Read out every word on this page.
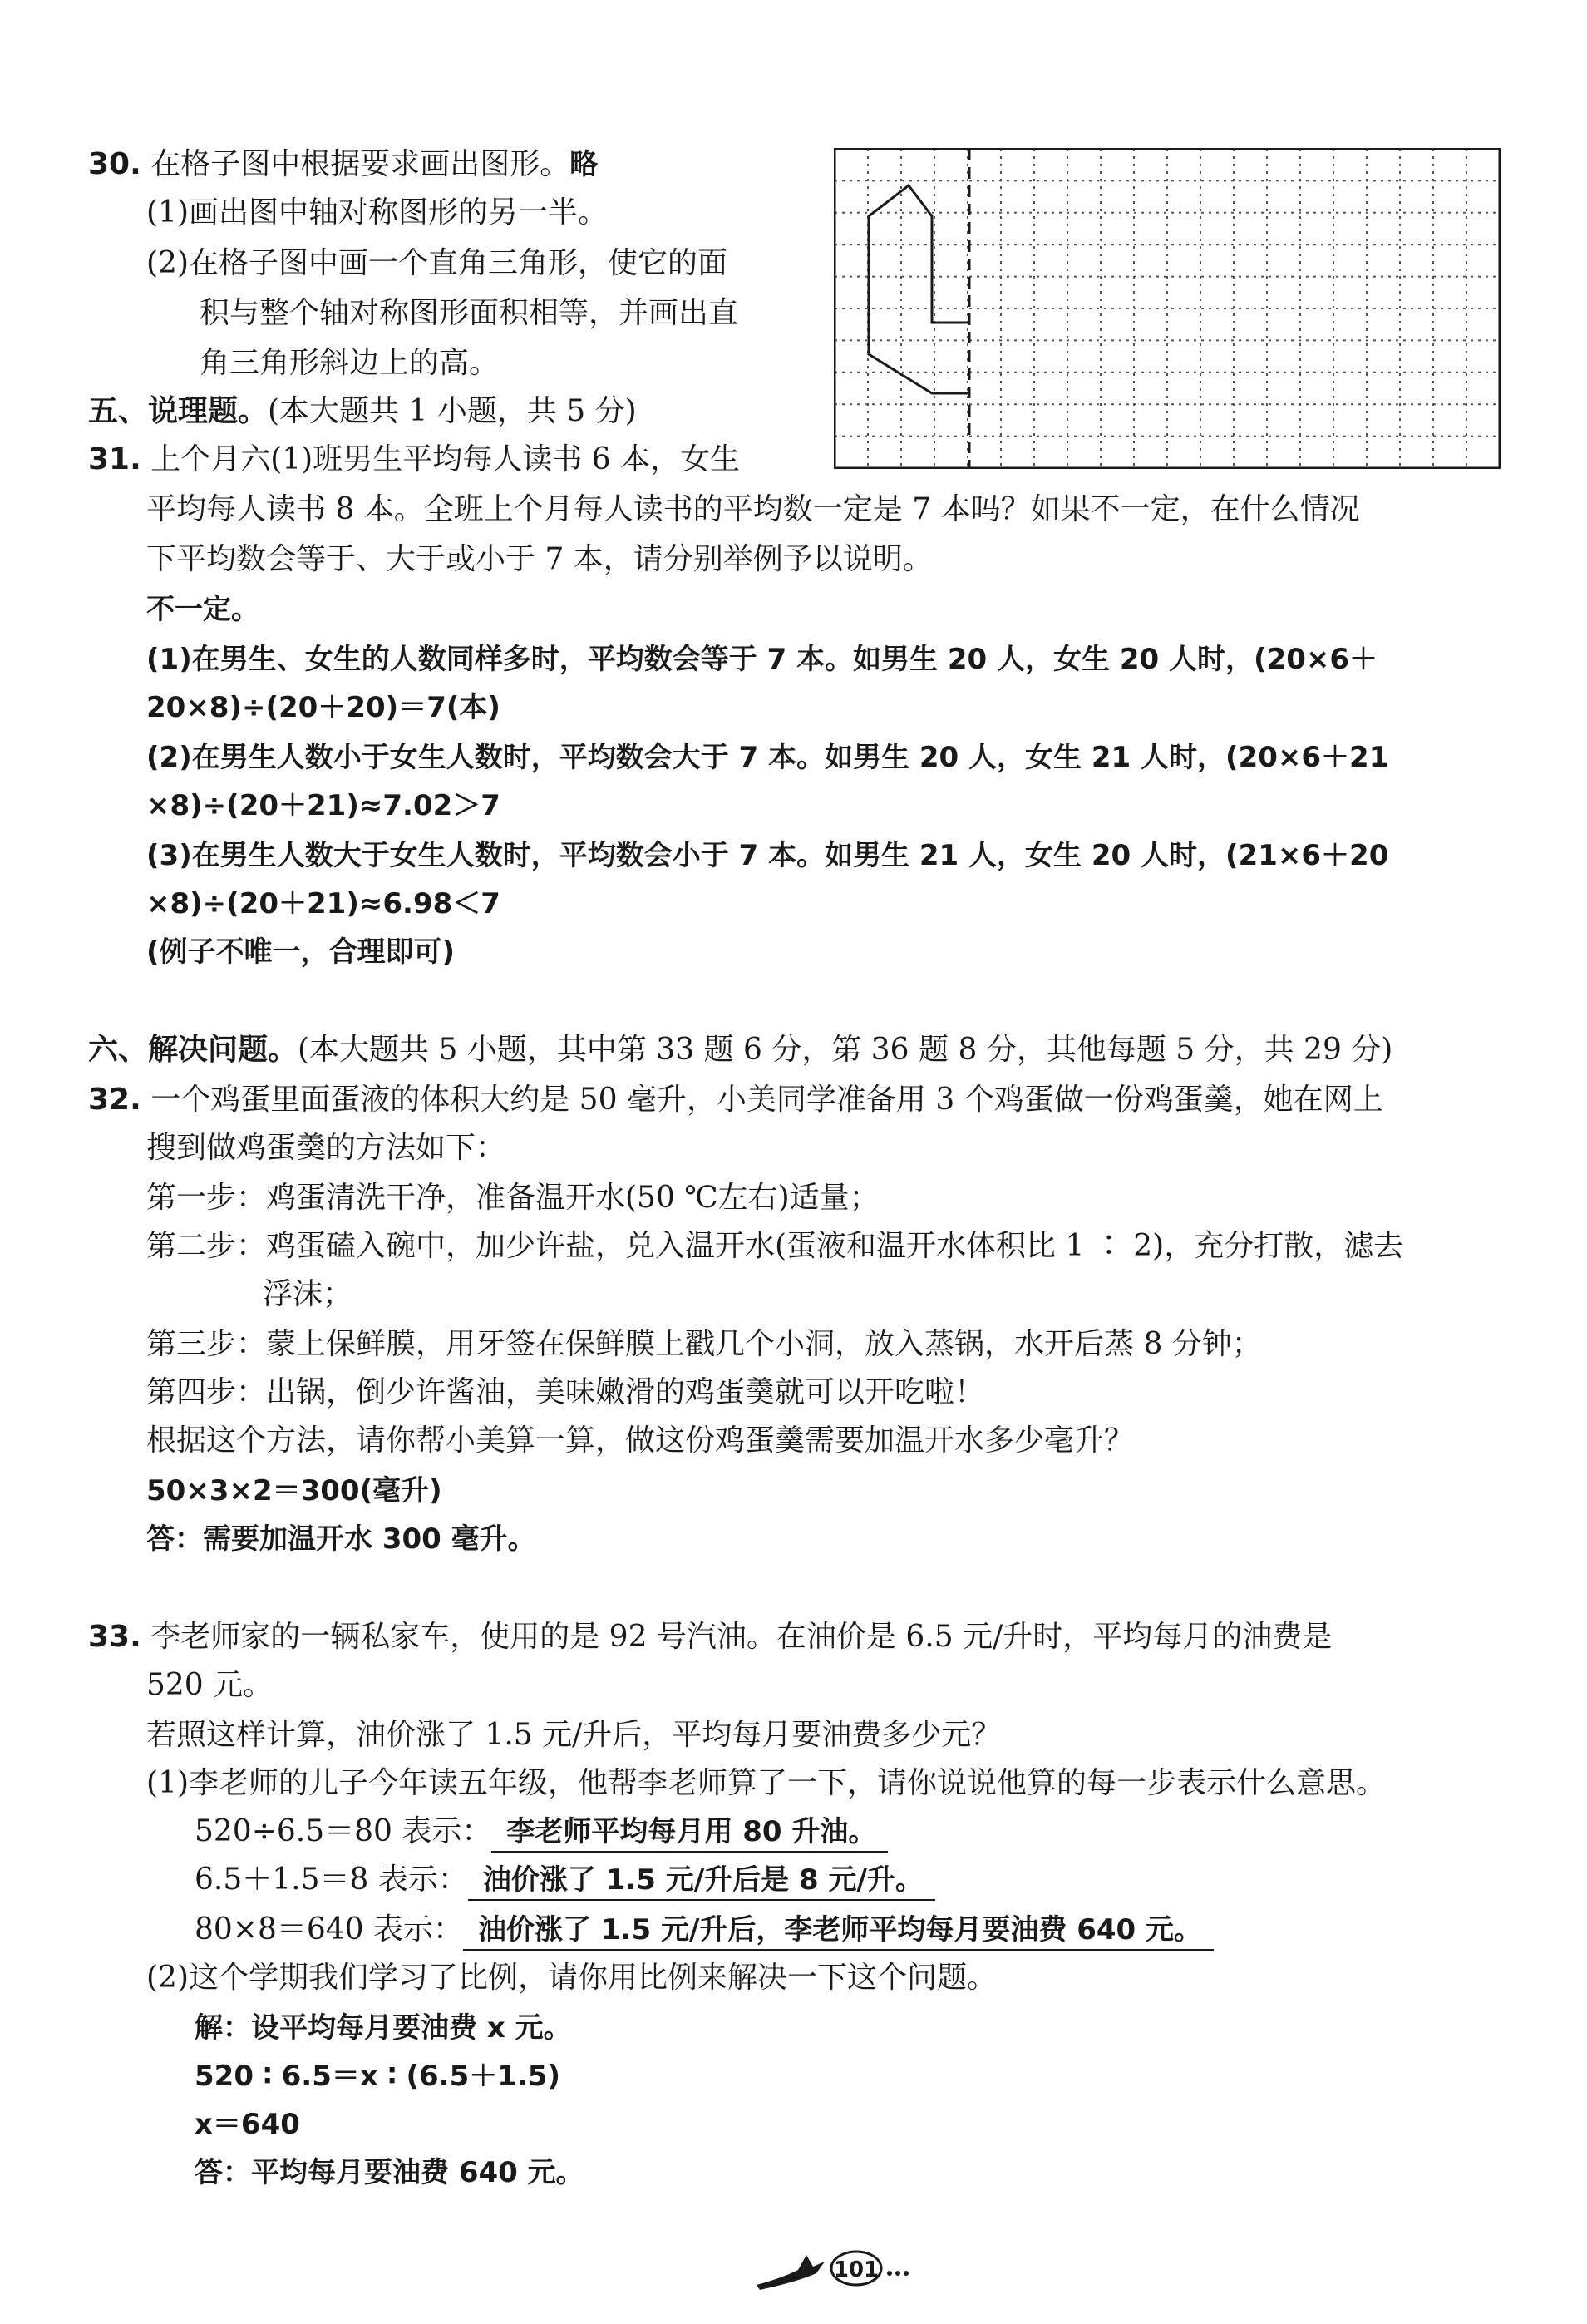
30. 在格子图中根据要求画出图形。略
(1)画出图中轴对称图形的另一半。
(2)在格子图中画一个直角三角形，使它的面
积与整个轴对称图形面积相等，并画出直
角三角形斜边上的高。
五、说理题。(本大题共 1 小题，共 5 分)
31. 上个月六(1)班男生平均每人读书 6 本，女生
平均每人读书 8 本。全班上个月每人读书的平均数一定是 7 本吗？如果不一定，在什么情况
下平均数会等于、大于或小于 7 本，请分别举例予以说明。
不一定。
(1)在男生、女生的人数同样多时，平均数会等于 7 本。如男生 20 人，女生 20 人时，(20×6＋
20×8)÷(20＋20)＝7(本)
(2)在男生人数小于女生人数时，平均数会大于 7 本。如男生 20 人，女生 21 人时，(20×6＋21
×8)÷(20＋21)≈7.02＞7
(3)在男生人数大于女生人数时，平均数会小于 7 本。如男生 21 人，女生 20 人时，(21×6＋20
×8)÷(20＋21)≈6.98＜7
(例子不唯一，合理即可)
六、解决问题。(本大题共 5 小题，其中第 33 题 6 分，第 36 题 8 分，其他每题 5 分，共 29 分)
32. 一个鸡蛋里面蛋液的体积大约是 50 毫升，小美同学准备用 3 个鸡蛋做一份鸡蛋羹，她在网上
搜到做鸡蛋羹的方法如下：
第一步：鸡蛋清洗干净，准备温开水(50 ℃左右)适量；
第二步：鸡蛋磕入碗中，加少许盐，兑入温开水(蛋液和温开水体积比 1 ∶ 2)，充分打散，滤去
浮沫；
第三步：蒙上保鲜膜，用牙签在保鲜膜上戳几个小洞，放入蒸锅，水开后蒸 8 分钟；
第四步：出锅，倒少许酱油，美味嫩滑的鸡蛋羹就可以开吃啦！
根据这个方法，请你帮小美算一算，做这份鸡蛋羹需要加温开水多少毫升？
50×3×2＝300(毫升)
答：需要加温开水 300 毫升。
33. 李老师家的一辆私家车，使用的是 92 号汽油。在油价是 6.5 元/升时，平均每月的油费是
520 元。
若照这样计算，油价涨了 1.5 元/升后，平均每月要油费多少元？
(1)李老师的儿子今年读五年级，他帮李老师算了一下，请你说说他算的每一步表示什么意思。
520÷6.5＝80 表示： 李老师平均每月用 80 升油。
6.5＋1.5＝8 表示： 油价涨了 1.5 元/升后是 8 元/升。
80×8＝640 表示： 油价涨了 1.5 元/升后，李老师平均每月要油费 640 元。
(2)这个学期我们学习了比例，请你用比例来解决一下这个问题。
解：设平均每月要油费 x 元。
520 ∶ 6.5＝x ∶ (6.5＋1.5)
x＝640
答：平均每月要油费 640 元。
101
